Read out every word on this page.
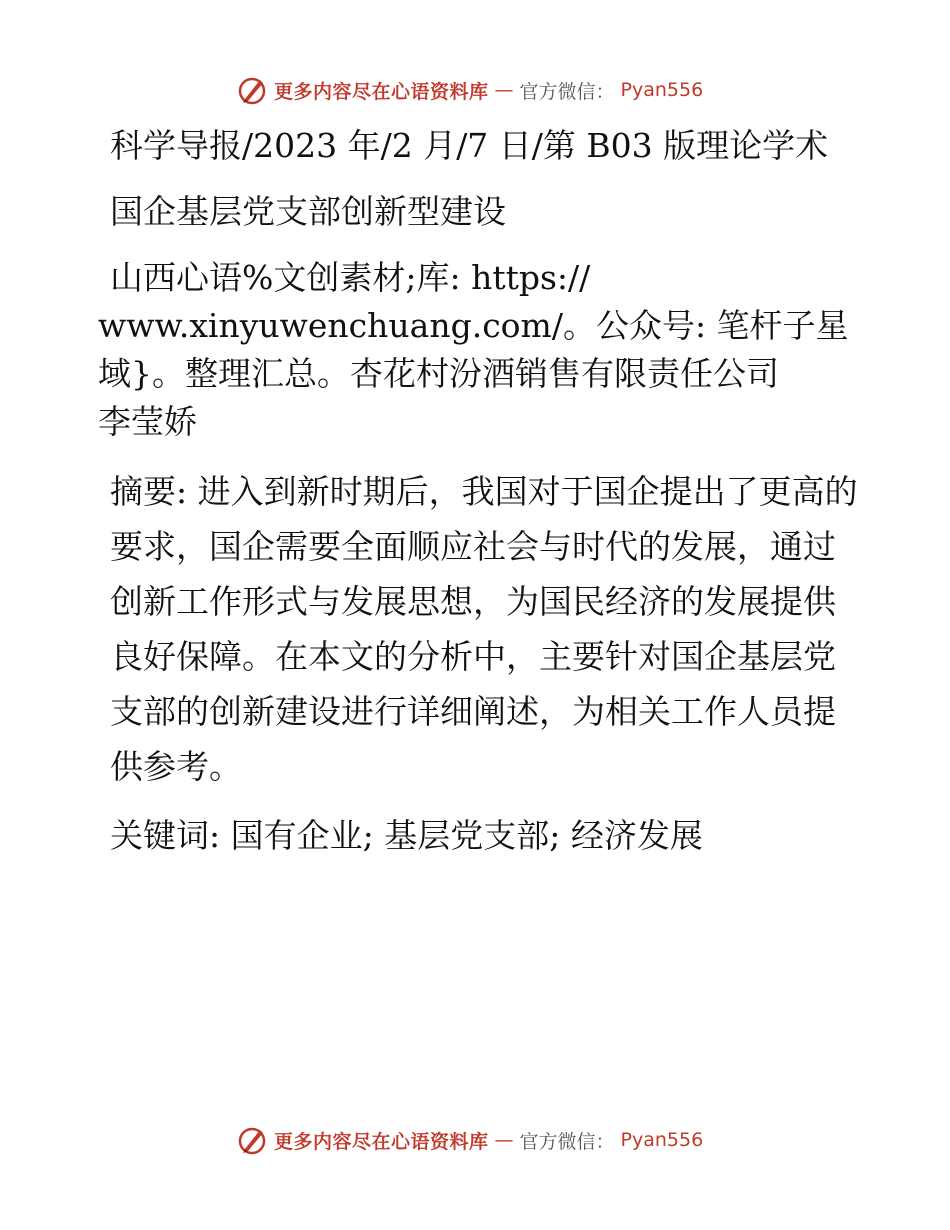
更多内容尽在心语资料库 — 官方微信： Pyan556

科学导报/2023 年/2 月/7 日/第 B03 版理论学术

国企基层党支部创新型建设

山西心语%文创素材;库: https://

www.xinyuwenchuang.com/。公众号: 笔杆子星域}。整理汇总。杏花村汾酒销售有限责任公司

李莹娇

摘要: 进入到新时期后，我国对于国企提出了更高的要求，国企需要全面顺应社会与时代的发展，通过创新工作形式与发展思想，为国民经济的发展提供良好保障。在本文的分析中，主要针对国企基层党支部的创新建设进行详细阐述，为相关工作人员提供参考。

关键词: 国有企业; 基层党支部; 经济发展

更多内容尽在心语资料库 — 官方微信： Pyan556
